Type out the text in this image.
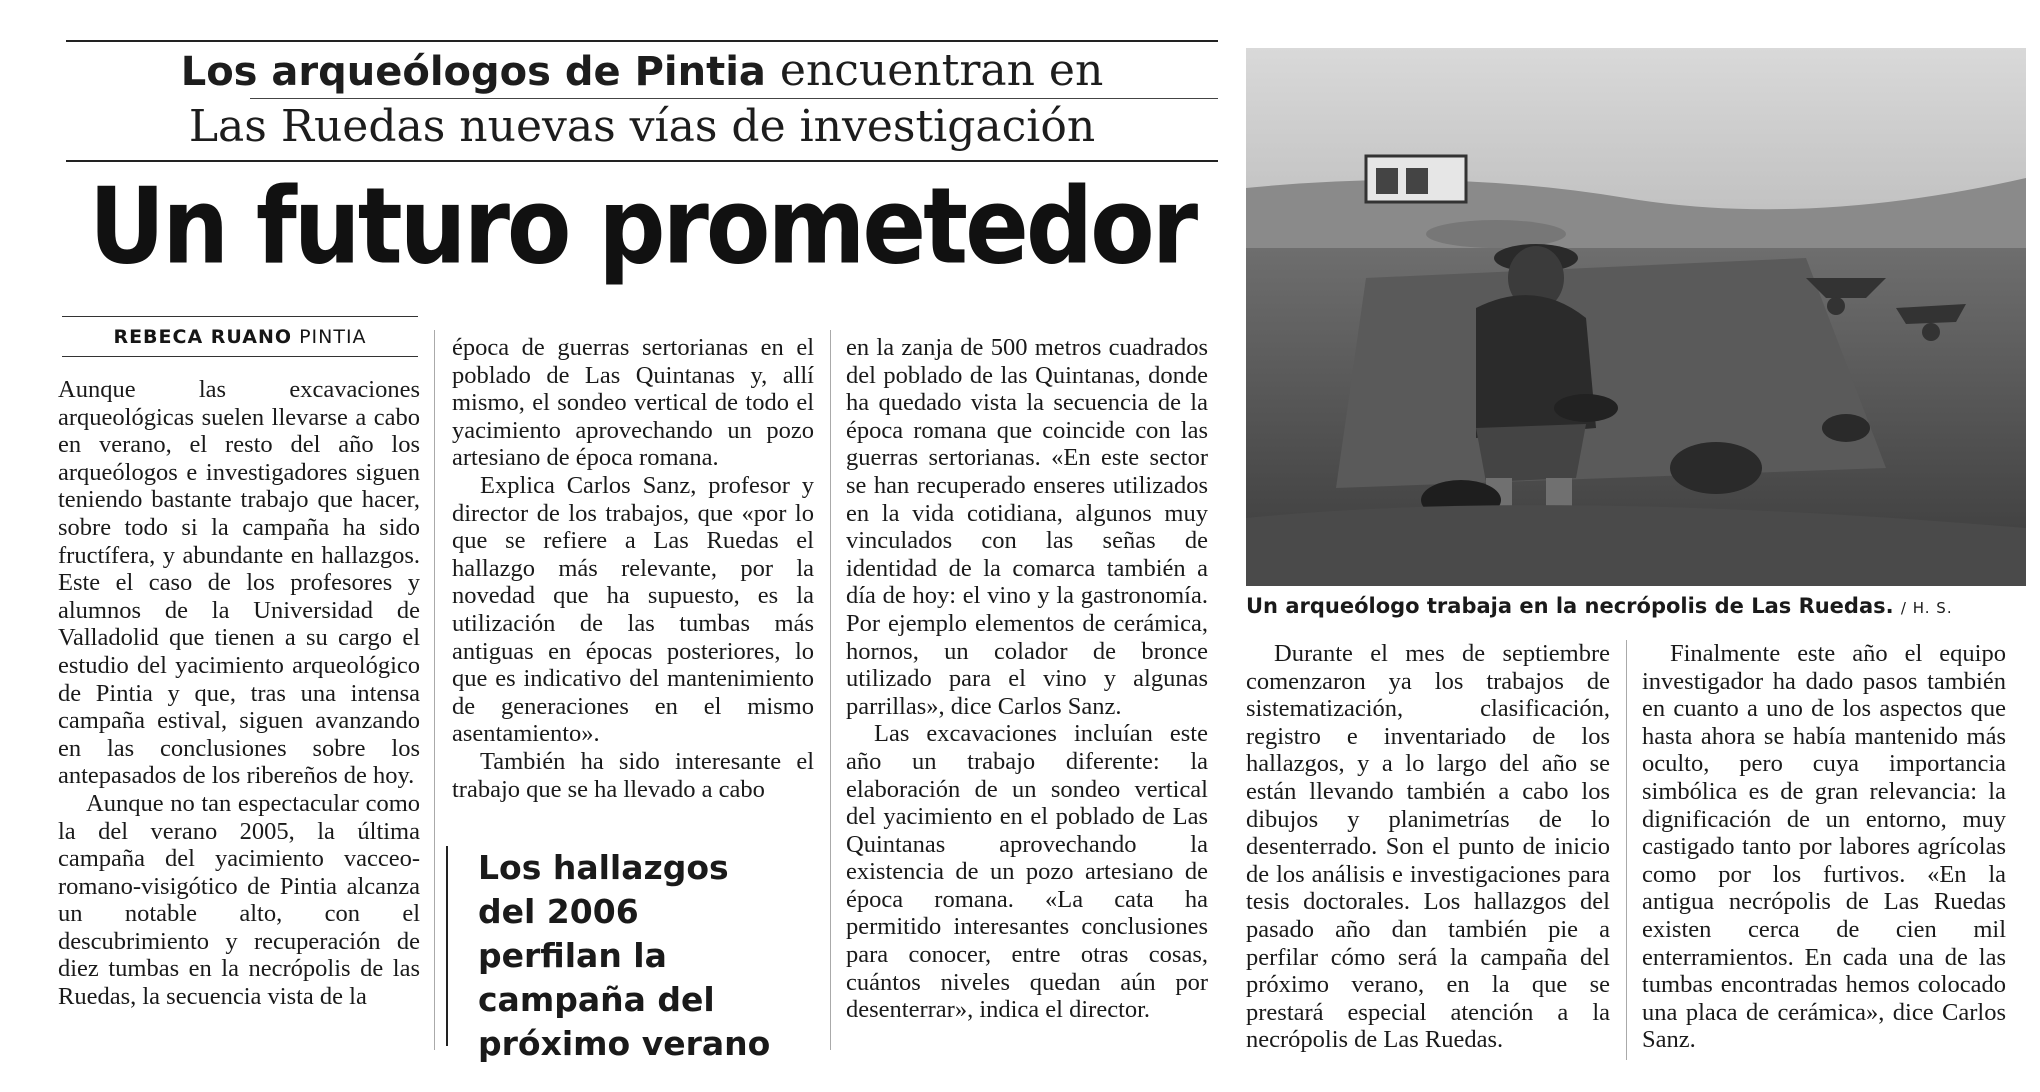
Los arqueólogos de Pintia encuentran en
Las Ruedas nuevas vías de investigación
Un futuro prometedor
REBECA RUANO PINTIA

Aunque las excavaciones arqueológicas suelen llevarse a cabo en verano, el resto del año los arqueólogos e investigadores siguen teniendo bastante trabajo que hacer, sobre todo si la campaña ha sido fructífera, y abundante en hallazgos. Este el caso de los profesores y alumnos de la Universidad de Valladolid que tienen a su cargo el estudio del yacimiento arqueológico de Pintia y que, tras una intensa campaña estival, siguen avanzando en las conclusiones sobre los antepasados de los ribereños de hoy.

Aunque no tan espectacular como la del verano 2005, la última campaña del yacimiento vacceo-romano-visigótico de Pintia alcanza un notable alto, con el descubrimiento y recuperación de diez tumbas en la necrópolis de las Ruedas, la secuencia vista de la

época de guerras sertorianas en el poblado de Las Quintanas y, allí mismo, el sondeo vertical de todo el yacimiento aprovechando un pozo artesiano de época romana.

Explica Carlos Sanz, profesor y director de los trabajos, que «por lo que se refiere a Las Ruedas el hallazgo más relevante, por la novedad que ha supuesto, es la utilización de las tumbas más antiguas en épocas posteriores, lo que es indicativo del mantenimiento de generaciones en el mismo asentamiento».

También ha sido interesante el trabajo que se ha llevado a cabo

Los hallazgos del 2006 perfilan la campaña del próximo verano

en la zanja de 500 metros cuadrados del poblado de las Quintanas, donde ha quedado vista la secuencia de la época romana que coincide con las guerras sertorianas. «En este sector se han recuperado enseres utilizados en la vida cotidiana, algunos muy vinculados con las señas de identidad de la comarca también a día de hoy: el vino y la gastronomía. Por ejemplo elementos de cerámica, hornos, un colador de bronce utilizado para el vino y algunas parrillas», dice Carlos Sanz.

Las excavaciones incluían este año un trabajo diferente: la elaboración de un sondeo vertical del yacimiento en el poblado de Las Quintanas aprovechando la existencia de un pozo artesiano de época romana. «La cata ha permitido interesantes conclusiones para conocer, entre otras cosas, cuántos niveles quedan aún por desenterrar», indica el director.

Un arqueólogo trabaja en la necrópolis de Las Ruedas. / H. S.

Durante el mes de septiembre comenzaron ya los trabajos de sistematización, clasificación, registro e inventariado de los hallazgos, y a lo largo del año se están llevando también a cabo los dibujos y planimetrías de lo desenterrado. Son el punto de inicio de los análisis e investigaciones para tesis doctorales. Los hallazgos del pasado año dan también pie a perfilar cómo será la campaña del próximo verano, en la que se prestará especial atención a la necrópolis de Las Ruedas.

Finalmente este año el equipo investigador ha dado pasos también en cuanto a uno de los aspectos que hasta ahora se había mantenido más oculto, pero cuya importancia simbólica es de gran relevancia: la dignificación de un entorno, muy castigado tanto por labores agrícolas como por los furtivos. «En la antigua necrópolis de Las Ruedas existen cerca de cien mil enterramientos. En cada una de las tumbas encontradas hemos colocado una placa de cerámica», dice Carlos Sanz.
